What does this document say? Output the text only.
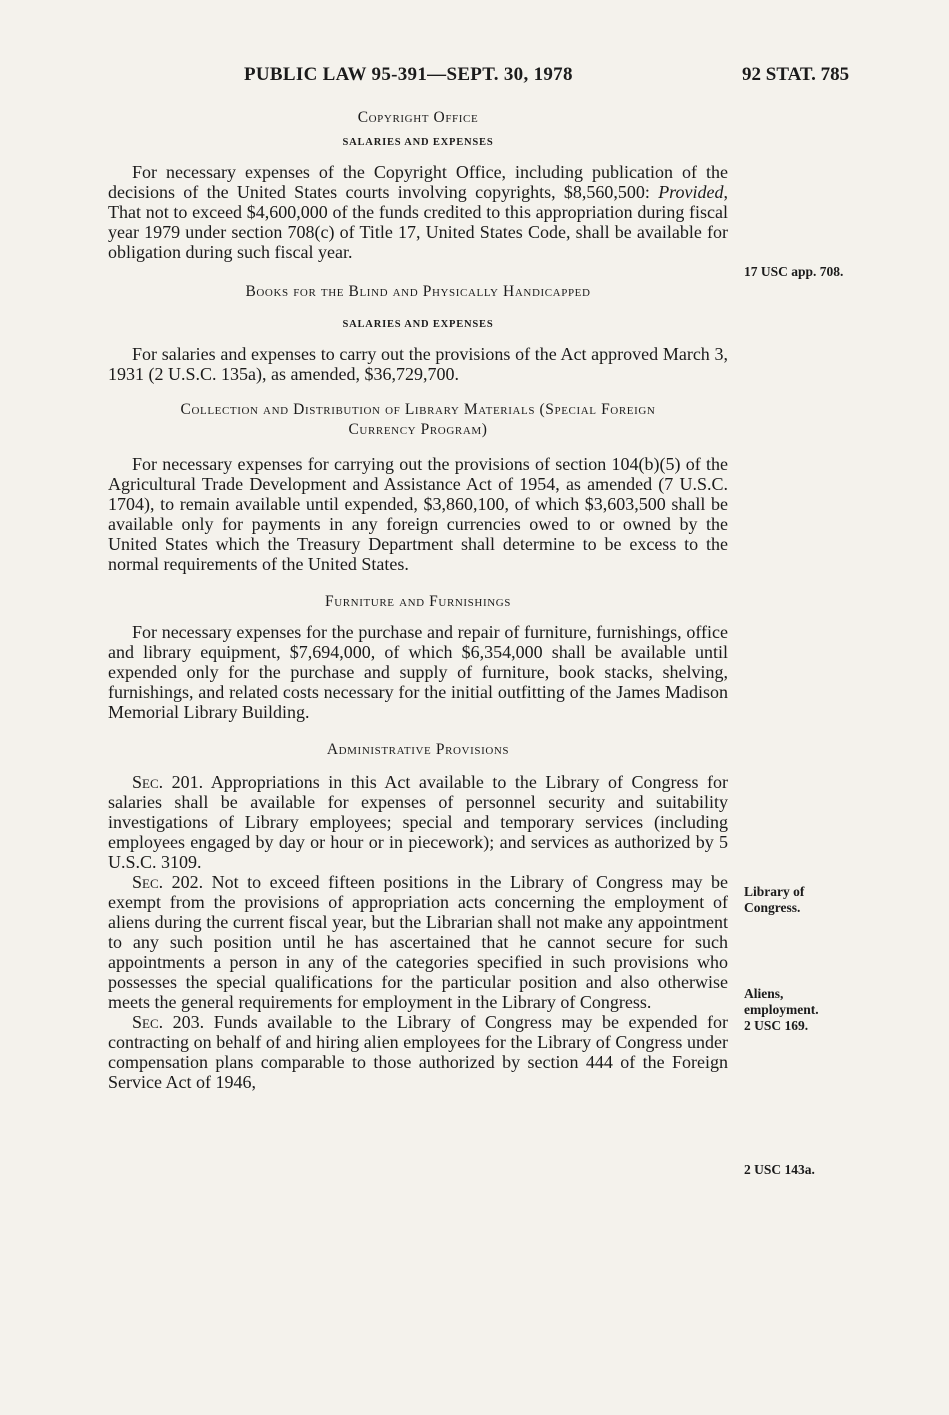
PUBLIC LAW 95-391—SEPT. 30, 1978	92 STAT. 785

Copyright Office

SALARIES AND EXPENSES

For necessary expenses of the Copyright Office, including publication of the decisions of the United States courts involving copyrights, $8,560,500: Provided, That not to exceed $4,600,000 of the funds credited to this appropriation during fiscal year 1979 under section 708(c) of Title 17, United States Code, shall be available for obligation during such fiscal year.

Books for the Blind and Physically Handicapped

SALARIES AND EXPENSES

For salaries and expenses to carry out the provisions of the Act approved March 3, 1931 (2 U.S.C. 135a), as amended, $36,729,700.

Collection and Distribution of Library Materials (Special Foreign Currency Program)

For necessary expenses for carrying out the provisions of section 104(b)(5) of the Agricultural Trade Development and Assistance Act of 1954, as amended (7 U.S.C. 1704), to remain available until expended, $3,860,100, of which $3,603,500 shall be available only for payments in any foreign currencies owed to or owned by the United States which the Treasury Department shall determine to be excess to the normal requirements of the United States.

Furniture and Furnishings

For necessary expenses for the purchase and repair of furniture, furnishings, office and library equipment, $7,694,000, of which $6,354,000 shall be available until expended only for the purchase and supply of furniture, book stacks, shelving, furnishings, and related costs necessary for the initial outfitting of the James Madison Memorial Library Building.

Administrative Provisions

Sec. 201. Appropriations in this Act available to the Library of Congress for salaries shall be available for expenses of personnel security and suitability investigations of Library employees; special and temporary services (including employees engaged by day or hour or in piecework); and services as authorized by 5 U.S.C. 3109.

Sec. 202. Not to exceed fifteen positions in the Library of Congress may be exempt from the provisions of appropriation acts concerning the employment of aliens during the current fiscal year, but the Librarian shall not make any appointment to any such position until he has ascertained that he cannot secure for such appointments a person in any of the categories specified in such provisions who possesses the special qualifications for the particular position and also otherwise meets the general requirements for employment in the Library of Congress.

Sec. 203. Funds available to the Library of Congress may be expended for contracting on behalf of and hiring alien employees for the Library of Congress under compensation plans comparable to those authorized by section 444 of the Foreign Service Act of 1946,

17 USC app. 708.
Library of
Congress.
Aliens,
employment.
2 USC 169.
2 USC 143a.
